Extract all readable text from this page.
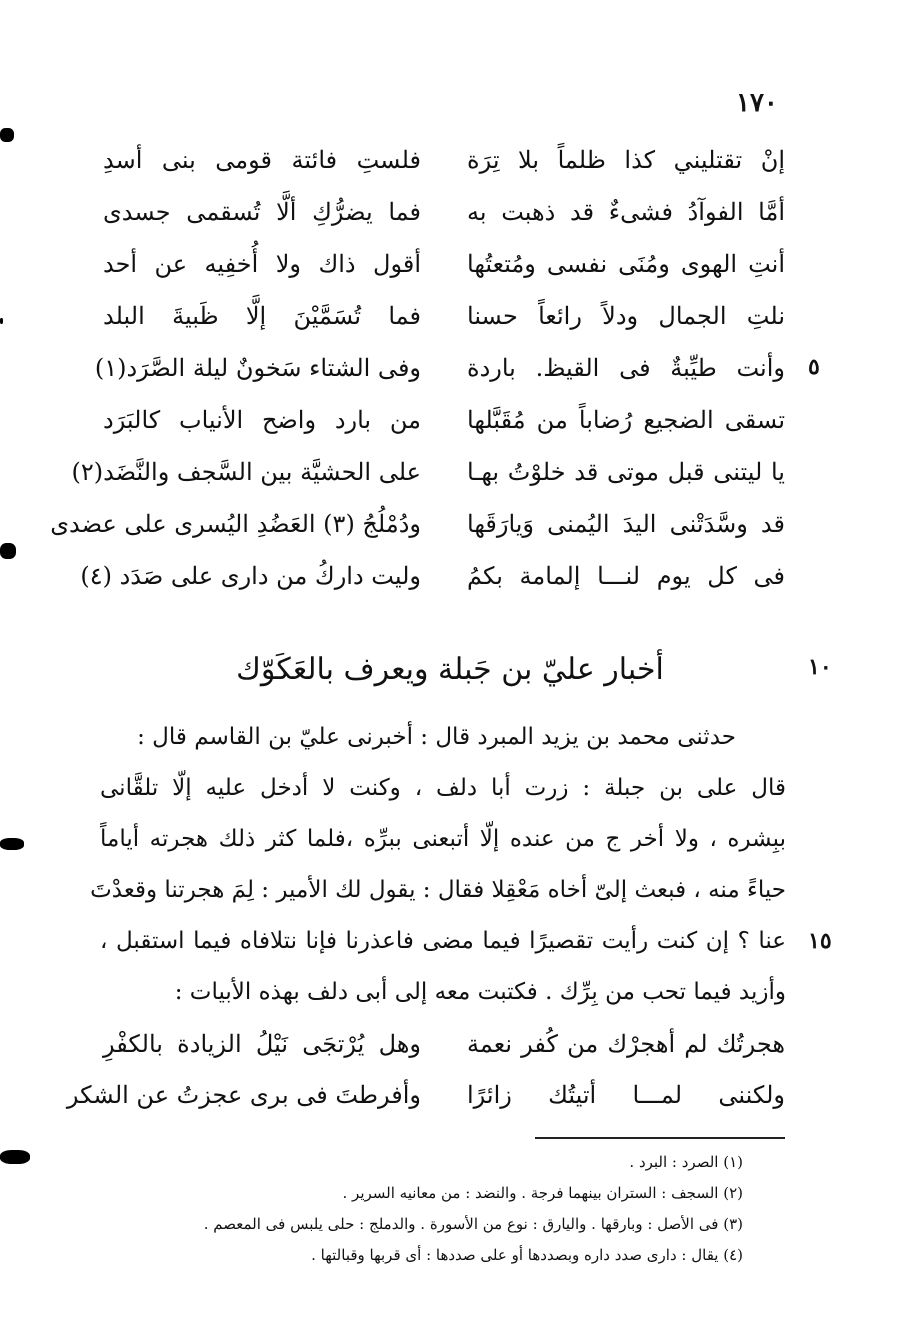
١٧٠
إنْ تقتليني كذا ظلماً بلا تِرَة
فلستِ فائتة قومى بنى أسدِ
أمَّا الفوآدُ فشىءٌ قد ذهبت به
فما يضرُّكِ ألَّا تُسقمى جسدى
أنتِ الهوى ومُنَى نفسى ومُتعتُها
أقول ذاك ولا أُخفِيه عن أحد
نلتِ الجمال ودلاً رائعاً حسنا
فما تُسَمَّيْنَ إلَّا ظَبيةَ البلد
وأنت طيِّبةٌ فى القيظ. باردة
وفى الشتاء سَخونٌ ليلة الصَّرَد(١)
تسقى الضجيع رُضاباً من مُقَبَّلها
من بارد واضح الأنياب كالبَرَد
يا ليتنى قبل موتى قد خلوْتُ بهـا
على الحشيَّة بين السَّجف والنَّضَد(٢)
قد وسَّدَتْنى اليدَ اليُمنى وَيارَقَها
ودُمْلُجُ (٣) العَضُدِ اليُسرى على عضدى
فى كل يوم لنـــا إلمامة بكمُ
وليت داركُ من دارى على صَدَد (٤)
٥
١٠
أخبار عليّ بن جَبلة ويعرف بالعَكَوّك
حدثنى محمد بن يزيد المبرد قال : أخبرنى عليّ بن القاسم قال :
قال على بن جبلة : زرت أبا دلف ، وكنت لا أدخل عليه إلّا تلقَّانى
ببِشره ، ولا أخر ج من عنده إلّا أتبعنى ببرِّه ،فلما كثر ذلك هجرته أياماً
حياءً منه ، فبعث إلىّ أخاه مَعْقِلا فقال : يقول لك الأمير : لِمَ هجرتنا وقعدْتَ
١٥
عنا ؟ إن كنت رأيت تقصيرًا فيما مضى فاعذرنا فإنا نتلافاه فيما استقبل ،
وأزيد فيما تحب من بِرِّك . فكتبت معه إلى أبى دلف بهذه الأبيات :
هجرتُك لم أهجرْك من كُفر نعمة
وهل يُرْتجَى نَيْلُ الزيادة بالكفْرِ
ولكننى لمـــا أتيتُك زائرًا
وأفرطتَ فى برى عجزتُ عن الشكر
(١) الصرد : البرد .
(٢) السجف : الستران بينهما فرجة . والنضد : من معانيه السرير .
(٣) فى الأصل : وبارقها . واليارق : نوع من الأسورة . والدملج : حلى يلبس فى المعصم .
(٤) يقال : دارى صدد داره وبصددها أو على صددها : أى قربها وقبالتها .
